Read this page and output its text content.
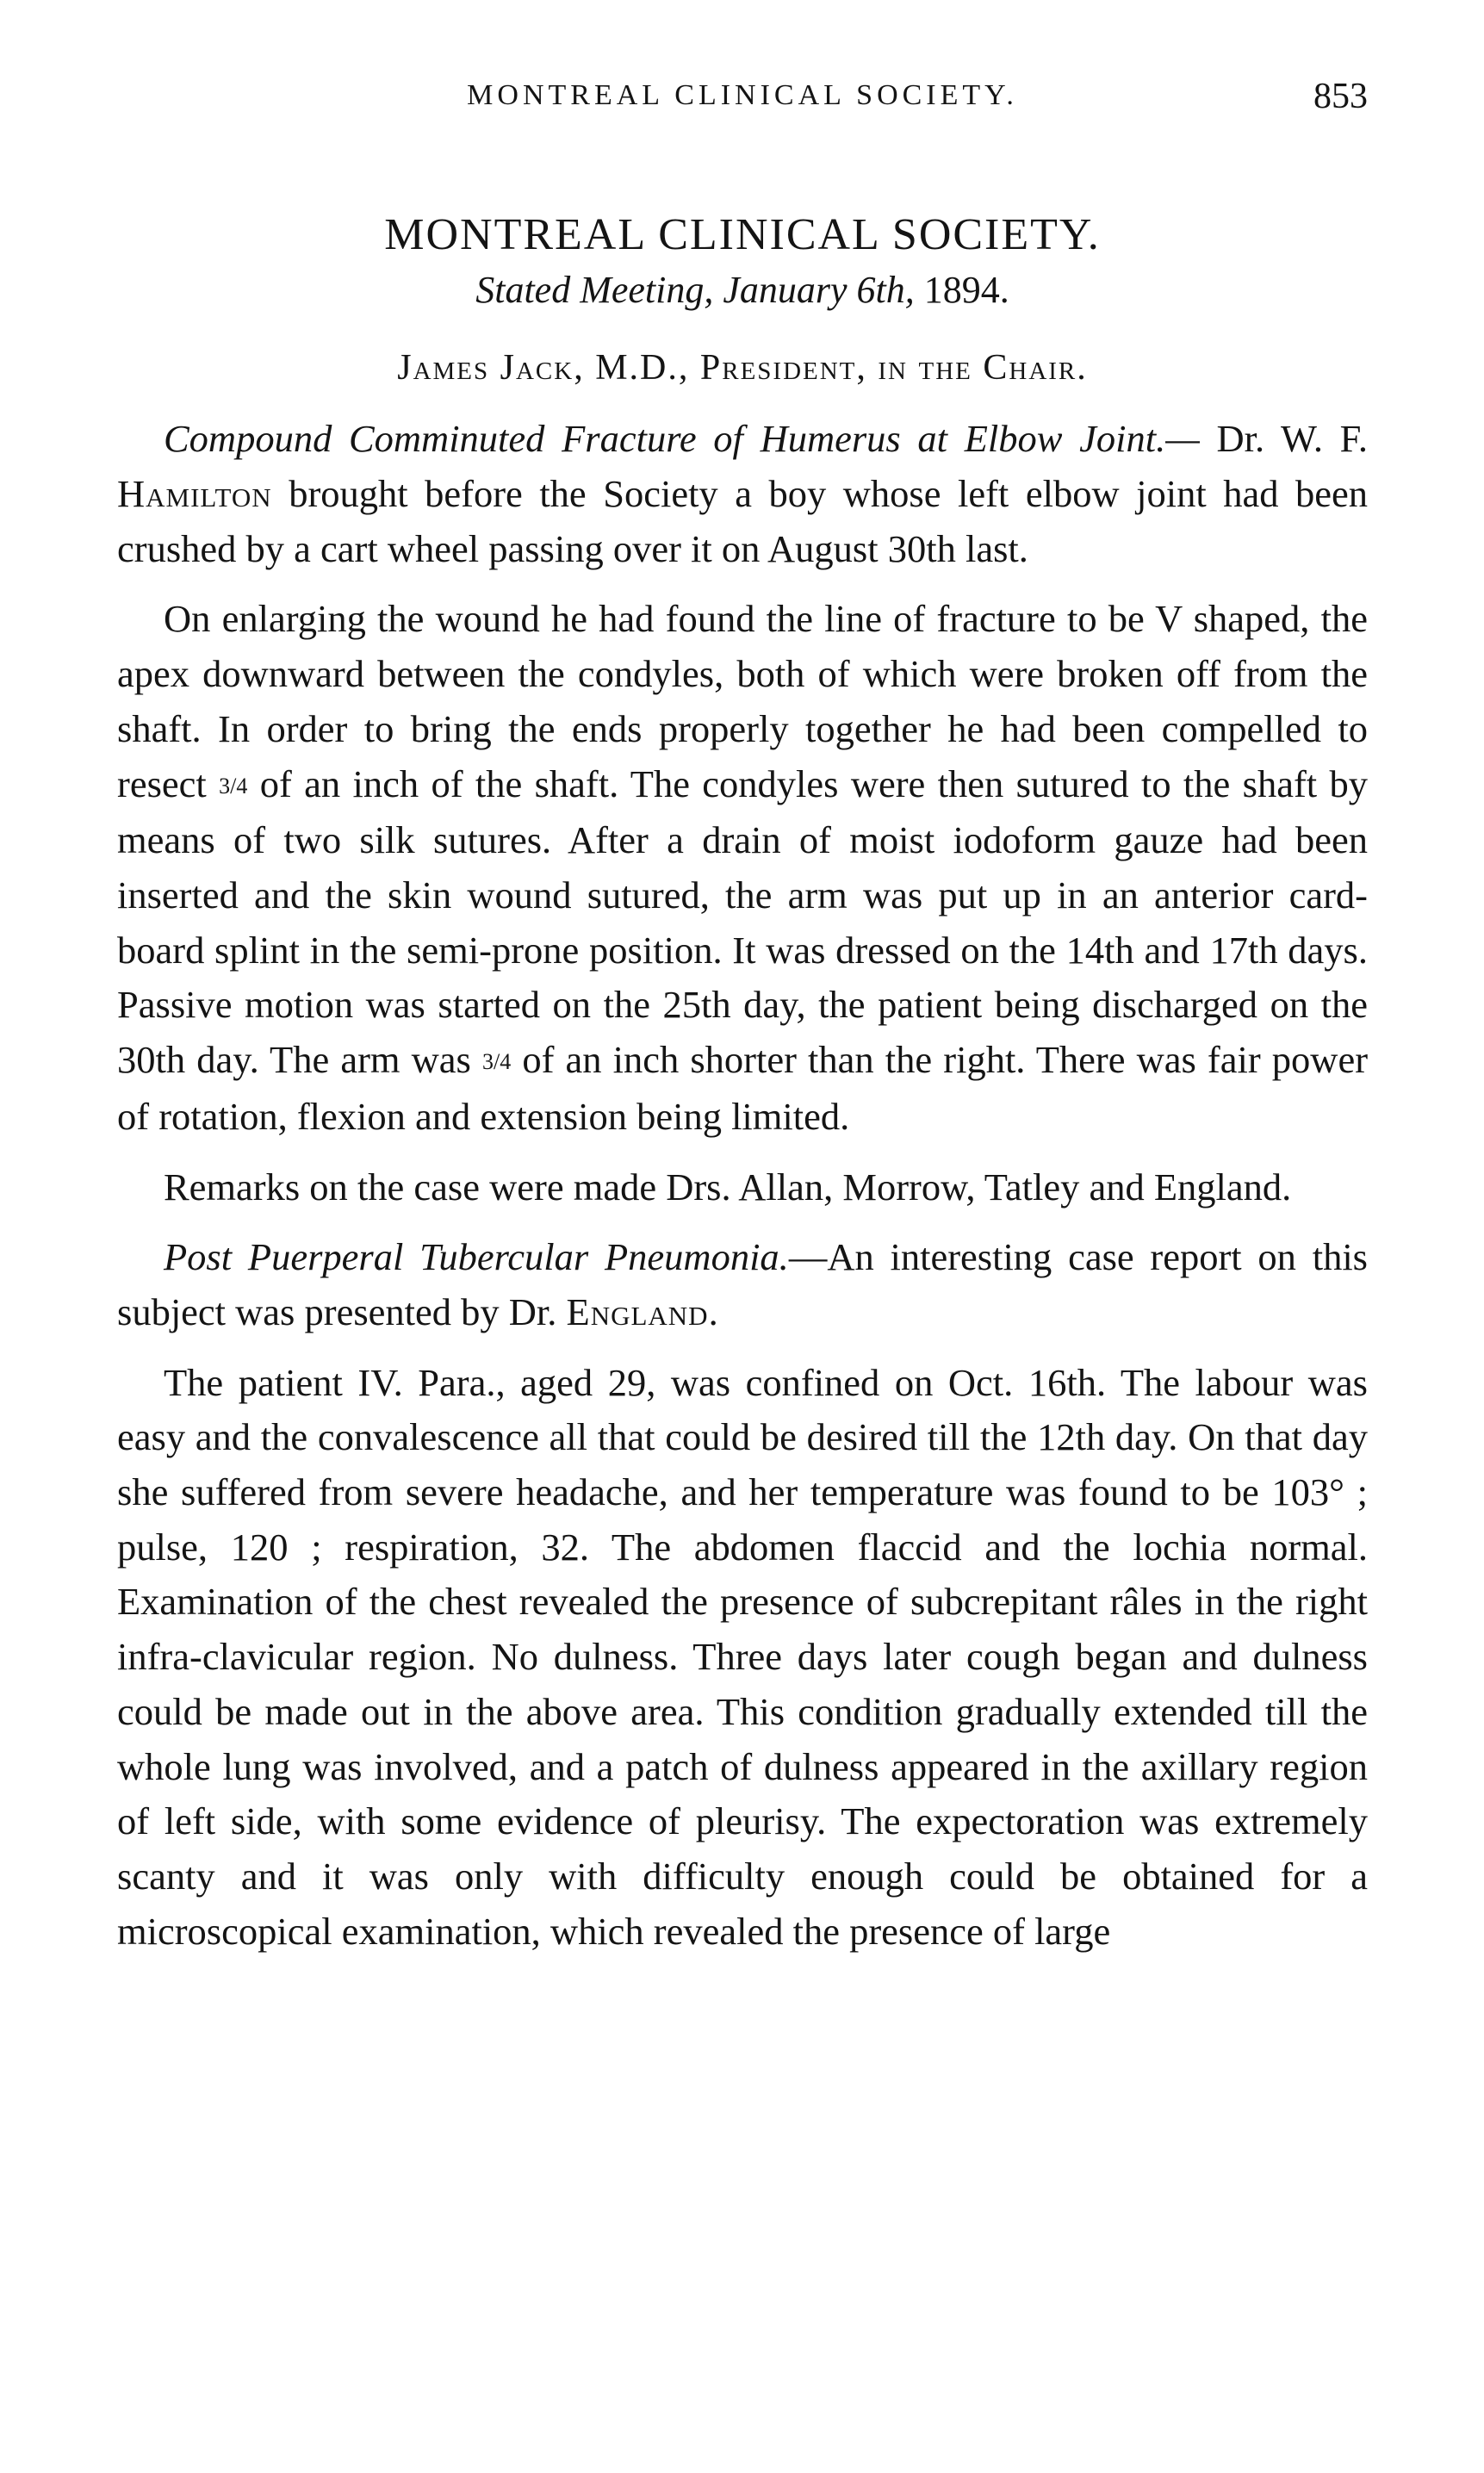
MONTREAL CLINICAL SOCIETY.	853
MONTREAL CLINICAL SOCIETY.
Stated Meeting, January 6th, 1894.
James Jack, M.D., President, in the Chair.

Compound Comminuted Fracture of Humerus at Elbow Joint.— Dr. W. F. Hamilton brought before the Society a boy whose left elbow joint had been crushed by a cart wheel passing over it on August 30th last.

On enlarging the wound he had found the line of fracture to be V shaped, the apex downward between the condyles, both of which were broken off from the shaft. In order to bring the ends properly together he had been compelled to resect 3/4 of an inch of the shaft. The condyles were then sutured to the shaft by means of two silk sutures. After a drain of moist iodoform gauze had been inserted and the skin wound sutured, the arm was put up in an anterior card-board splint in the semi-prone position. It was dressed on the 14th and 17th days. Passive motion was started on the 25th day, the patient being discharged on the 30th day. The arm was 3/4 of an inch shorter than the right. There was fair power of rotation, flexion and extension being limited.

Remarks on the case were made Drs. Allan, Morrow, Tatley and England.

Post Puerperal Tubercular Pneumonia.—An interesting case report on this subject was presented by Dr. England.

The patient IV. Para., aged 29, was confined on Oct. 16th. The labour was easy and the convalescence all that could be desired till the 12th day. On that day she suffered from severe headache, and her temperature was found to be 103° ; pulse, 120 ; respiration, 32. The abdomen flaccid and the lochia normal. Examination of the chest revealed the presence of subcrepitant râles in the right infra-clavicular region. No dulness. Three days later cough began and dulness could be made out in the above area. This condition gradually extended till the whole lung was involved, and a patch of dulness appeared in the axillary region of left side, with some evidence of pleurisy. The expectoration was extremely scanty and it was only with difficulty enough could be obtained for a microscopical examination, which revealed the presence of large
